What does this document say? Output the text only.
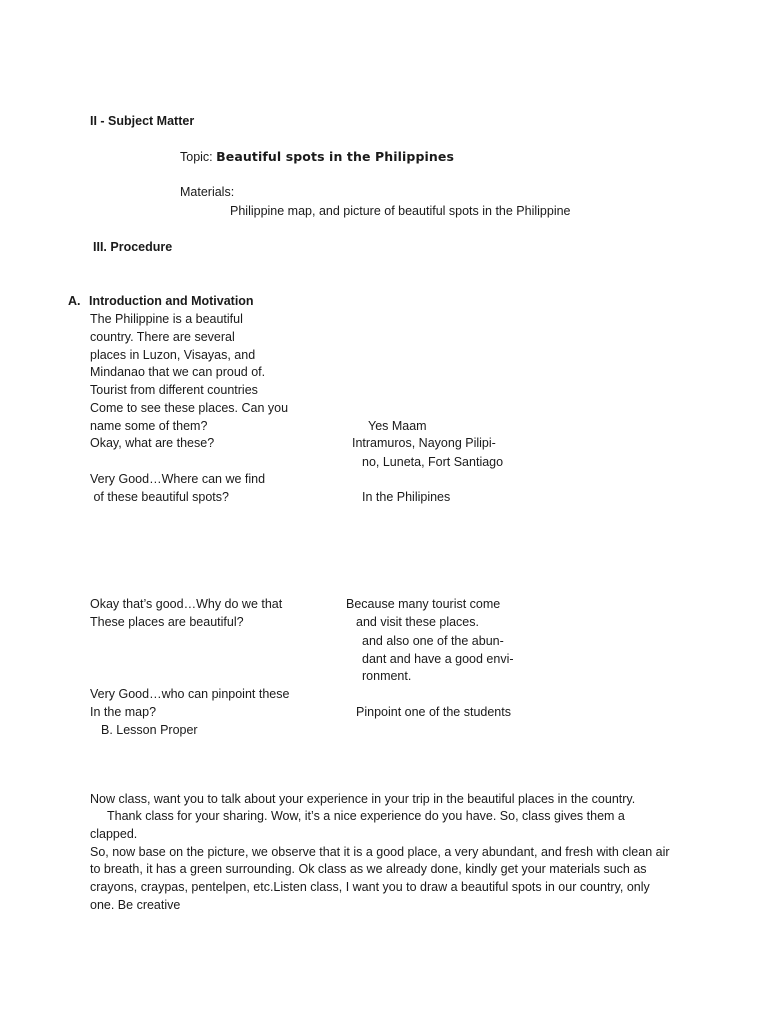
II - Subject Matter
Topic: Beautiful spots in the Philippines
Materials:
Philippine map, and picture of beautiful spots in the Philippine
III. Procedure
A. Introduction and Motivation
The Philippine is a beautiful
country. There are several
places in Luzon, Visayas, and
Mindanao that we can proud of.
Tourist from different countries
Come to see these places. Can you
name some of them?
Okay, what are these?
Very Good…Where can we find
of these beautiful spots?
Okay that’s good…Why do we that
These places are beautiful?
Very Good…who can pinpoint these
In the map?
B. Lesson Proper
Yes Maam
Intramuros, Nayong Pilipi-
no, Luneta, Fort Santiago
In the Philipines
Because many tourist come
and visit these places.
and also one of the abun-
dant and have a good envi-
ronment.
Pinpoint one of the students
Now class, want you to talk about your experience in your trip in the beautiful places in the country.
Thank class for your sharing. Wow, it’s a nice experience do you have. So, class gives them a
clapped.
So, now base on the picture, we observe that it is a good place, a very abundant, and fresh with clean air
to breath, it has a green surrounding. Ok class as we already done, kindly get your materials such as
crayons, craypas, pentelpen, etc.Listen class, I want you to draw a beautiful spots in our country, only
one. Be creative
